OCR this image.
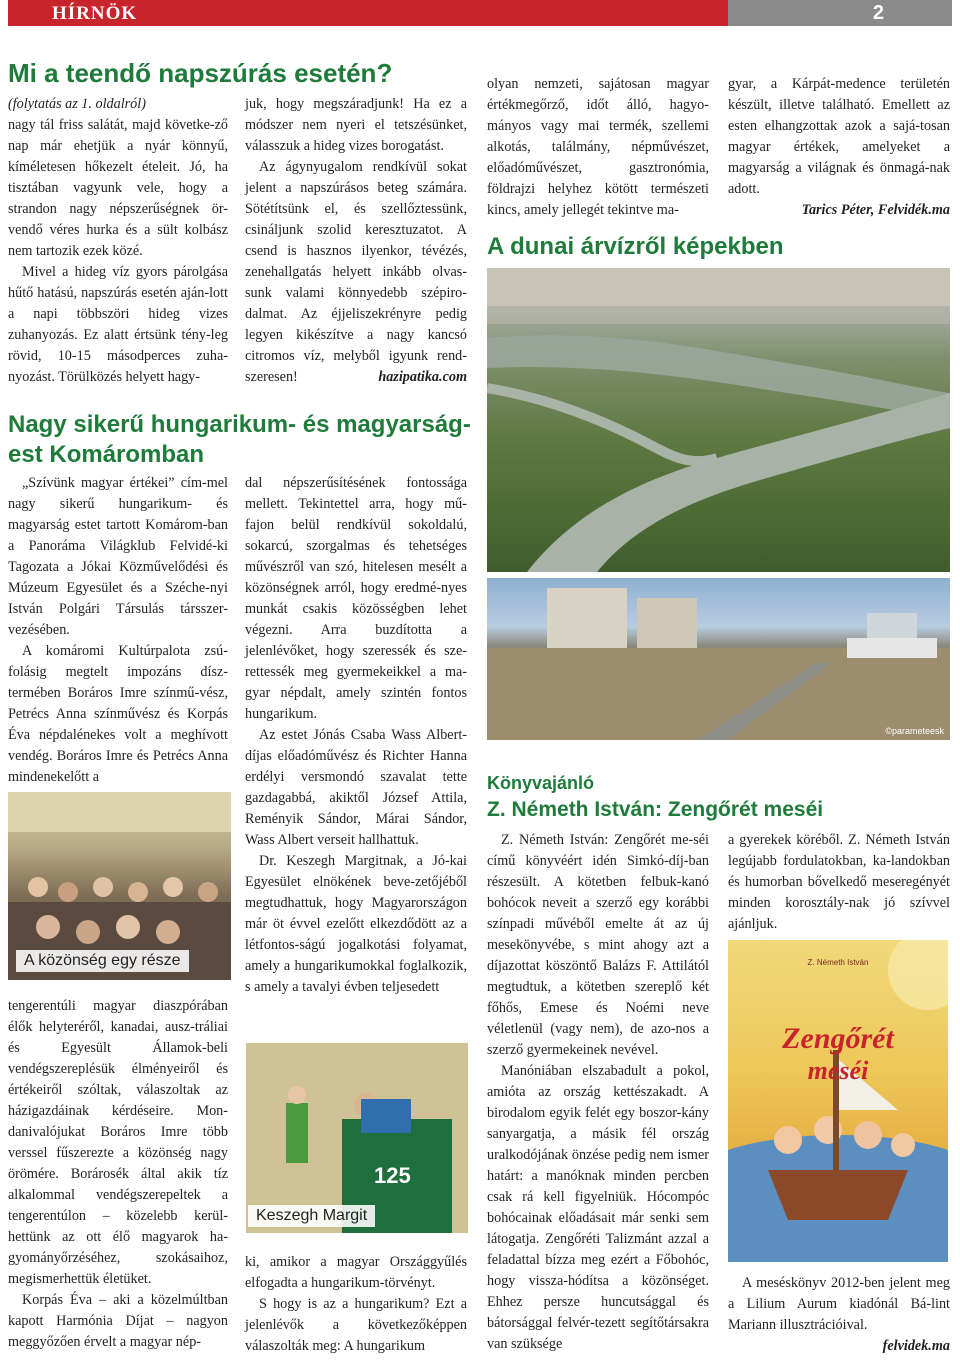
HÍRNÖK	2
Mi a teendő napszúrás esetén?

(folytatás az 1. oldalról)

nagy tál friss salátát, majd követke-ző nap már ehetjük a nyár könnyű, kíméletesen hőkezelt ételeit. Jó, ha tisztában vagyunk vele, hogy a strandon nagy népszerűségnek ör-vendő véres hurka és a sült kolbász nem tartozik ezek közé.

Mivel a hideg víz gyors párolgása hűtő hatású, napszúrás esetén aján-lott a napi többszöri hideg vizes zuhanyozás. Ez alatt értsünk tény-leg rövid, 10-15 másodperces zuha-nyozást. Törülközés helyett hagy-

juk, hogy megszáradjunk! Ha ez a módszer nem nyeri el tetszésünket, válasszuk a hideg vizes borogatást.

Az ágynyugalom rendkívül sokat jelent a napszúrásos beteg számára. Sötétítsünk el, és szellőztessünk, csináljunk szolid keresztuzatot. A csend is hasznos ilyenkor, tévézés, zenehallgatás helyett inkább olvas-sunk valami könnyedebb szépiro-dalmat. Az éjjeliszekrényre pedig legyen kikészítve a nagy kancsó citromos víz, melyből igyunk rend-szeresen!	hazipatika.com

olyan nemzeti, sajátosan magyar értékmegőrző, időt álló, hagyo-mányos vagy mai termék, szellemi alkotás, találmány, népművészet, előadóművészet, gasztronómia, földrajzi helyhez kötött természeti kincs, amely jellegét tekintve ma-

gyar, a Kárpát-medence területén készült, illetve található. Emellett az esten elhangzottak azok a sajá-tosan magyar értékek, amelyeket a magyarság a világnak és önmagá-nak adott.

Tarics Péter, Felvidék.ma
A dunai árvízről képekben
©parameteesk
Nagy sikerű hungarikum- és magyarság-
est Komáromban

„Szívünk magyar értékei” cím-mel nagy sikerű hungarikum- és magyarság estet tartott Komárom-ban a Panoráma Világklub Felvidé-ki Tagozata a Jókai Közművelődési és Múzeum Egyesület és a Széche-nyi István Polgári Társulás társszer-vezésében.

A komáromi Kultúrpalota zsú-folásig megtelt impozáns dísz-termében Boráros Imre színmű-vész, Petrécs Anna színművész és Korpás Éva népdalénekes volt a meghívott vendég. Boráros Imre és Petrécs Anna mindenekelőtt a

A közönség egy része

tengerentúli magyar diaszpórában élők helyteréről, kanadai, ausz-tráliai és Egyesült Államok-beli vendégszereplésük élményeiről és értékeiről szóltak, válaszoltak az házigazdáinak kérdéseire. Mon-danivalójukat Boráros Imre több verssel fűszerezte a közönség nagy örömére. Borárosék által akik tíz alkalommal vendégszerepeltek a tengerentúlon – közelebb kerül-hettünk az ott élő magyarok ha-gyományőrzéséhez, szokásaihoz, megismerhettük életüket.

Korpás Éva – aki a közelmúltban kapott Harmónia Díjat – nagyon meggyőzően érvelt a magyar nép-

dal népszerűsítésének fontossága mellett. Tekintettel arra, hogy mű-fajon belül rendkívül sokoldalú, sokarcú, szorgalmas és tehetséges művészről van szó, hitelesen mesélt a közönségnek arról, hogy eredmé-nyes munkát csakis közösségben lehet végezni. Arra buzdította a jelenlévőket, hogy szeressék és sze-rettessék meg gyermekeikkel a ma-gyar népdalt, amely szintén fontos hungarikum.

Az estet Jónás Csaba Wass Albert-díjas előadóművész és Richter Hanna erdélyi versmondó szavalat tette gazdagabbá, akiktől József Attila, Reményik Sándor, Márai Sándor, Wass Albert verseit hallhattuk.

Dr. Keszegh Margitnak, a Jó-kai Egyesület elnökének beve-zetőjéből megtudhattuk, hogy Magyarországon már öt évvel ezelőtt elkezdődött az a létfontos-ságú jogalkotási folyamat, amely a hungarikumokkal foglalkozik, s amely a tavalyi évben teljesedett

125
Keszegh Margit

ki, amikor a magyar Országgyűlés elfogadta a hungarikum-törvényt.

S hogy is az a hungarikum? Ezt a jelenlévők a következőképpen válaszolták meg: A hungarikum

Könyvajánló
Z. Németh István: Zengőrét meséi

Z. Németh István: Zengőrét me-séi című könyvéért idén Simkó-díj-ban részesült. A kötetben felbuk-kanó bohócok neveit a szerző egy korábbi színpadi művéből emelte át az új mesekönyvébe, s mint ahogy azt a díjazottat köszöntő Balázs F. Attilától megtudtuk, a kötetben szereplő két főhős, Emese és Noémi neve véletlenül (vagy nem), de azo-nos a szerző gyermekeinek nevével.

Manóniában elszabadult a pokol, amióta az ország kettészakadt. A birodalom egyik felét egy boszor-kány sanyargatja, a másik fél ország uralkodójának önzése pedig nem ismer határt: a manóknak minden percben csak rá kell figyelniük. Hócompóc bohócainak előadásait már senki sem látogatja. Zengőréti Talizmánt azzal a feladattal bízza meg ezért a Főbohóc, hogy vissza-hódítsa a közönséget. Ehhez persze huncutsággal és bátorsággal felvér-tezett segítőtársakra van szüksége

a gyerekek köréből. Z. Németh István legújabb fordulatokban, ka-landokban és humorban bővelkedő meseregényét minden korosztály-nak jó szívvel ajánljuk.

Zengőrét
meséi
Z. Németh István

A meséskönyv 2012-ben jelent meg a Lilium Aurum kiadónál Bá-lint Mariann illusztrációival.

felvidek.ma
